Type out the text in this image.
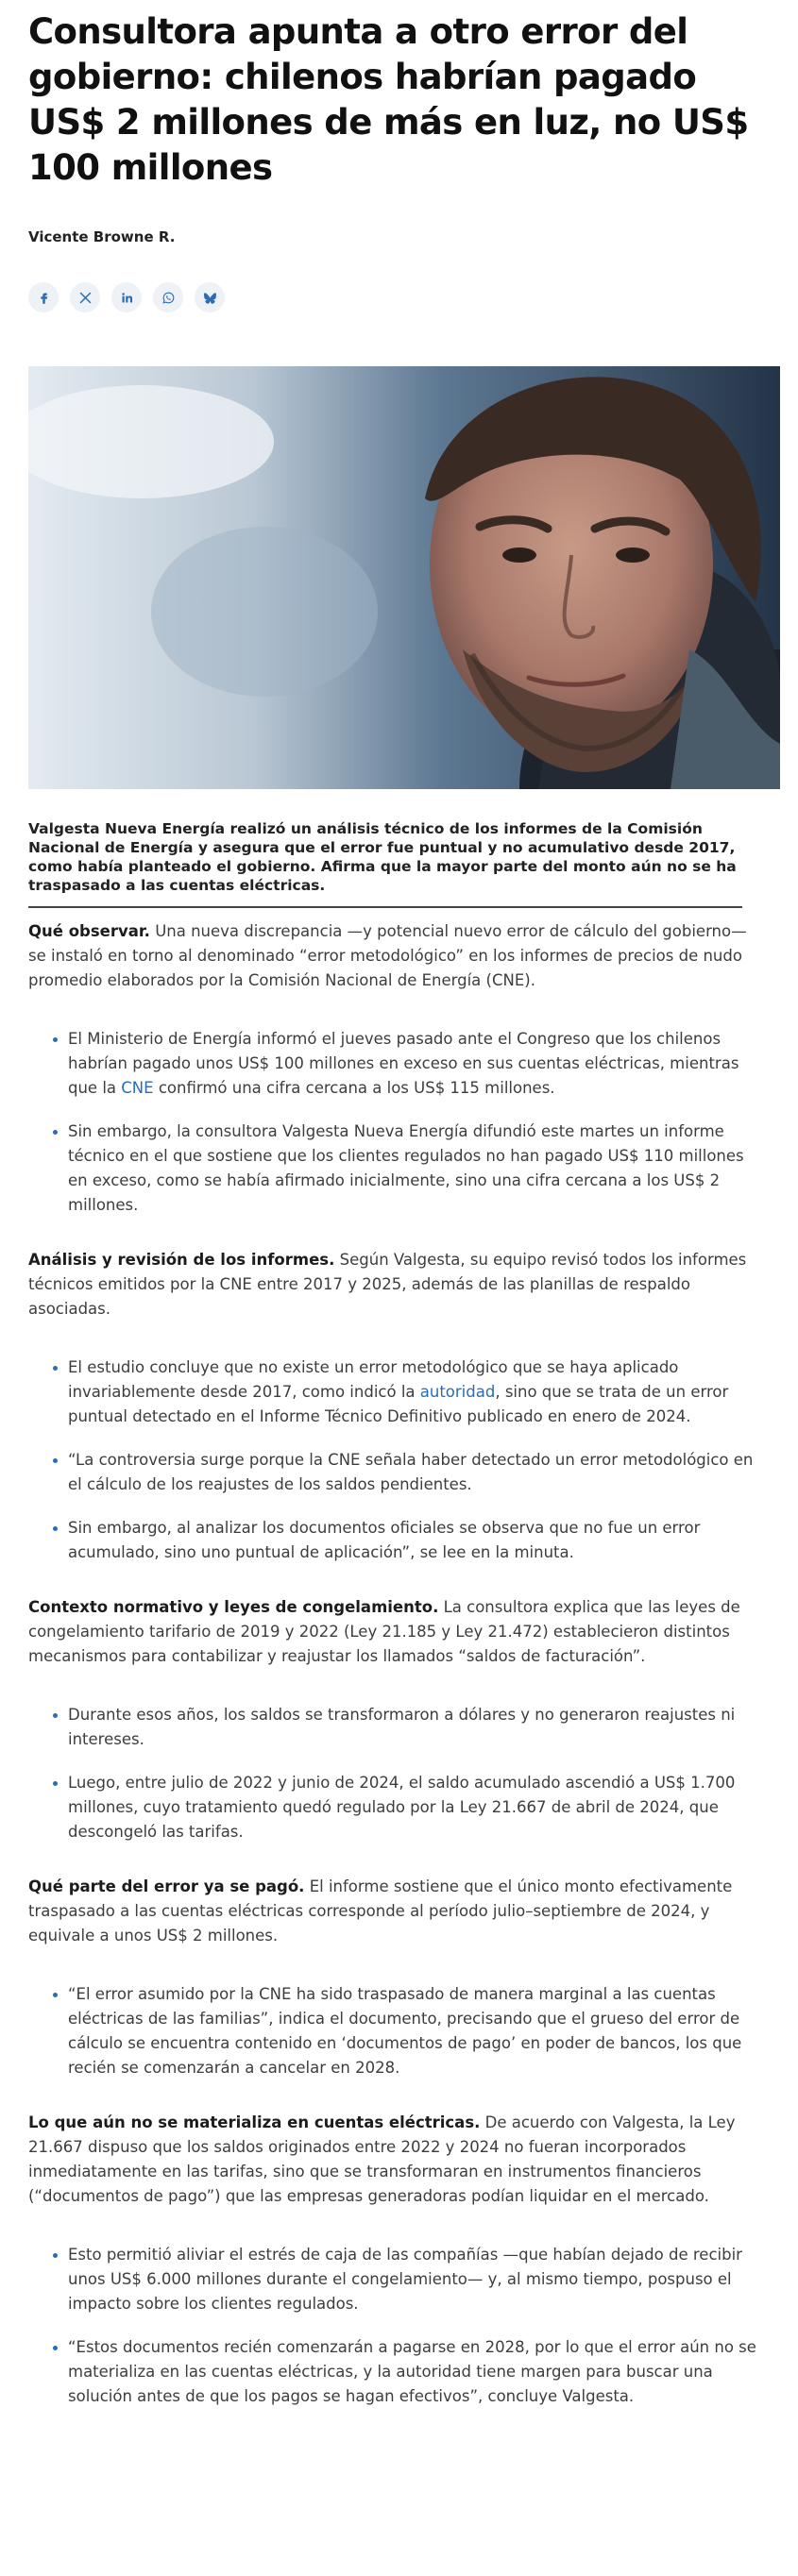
Consultora apunta a otro error del gobierno: chilenos habrían pagado US$ 2 millones de más en luz, no US$ 100 millones
Vicente Browne R.

Valgesta Nueva Energía realizó un análisis técnico de los informes de la Comisión Nacional de Energía y asegura que el error fue puntual y no acumulativo desde 2017, como había planteado el gobierno. Afirma que la mayor parte del monto aún no se ha traspasado a las cuentas eléctricas.

Qué observar. Una nueva discrepancia —y potencial nuevo error de cálculo del gobierno— se instaló en torno al denominado “error metodológico” en los informes de precios de nudo promedio elaborados por la Comisión Nacional de Energía (CNE).

El Ministerio de Energía informó el jueves pasado ante el Congreso que los chilenos habrían pagado unos US$ 100 millones en exceso en sus cuentas eléctricas, mientras que la CNE confirmó una cifra cercana a los US$ 115 millones.
Sin embargo, la consultora Valgesta Nueva Energía difundió este martes un informe técnico en el que sostiene que los clientes regulados no han pagado US$ 110 millones en exceso, como se había afirmado inicialmente, sino una cifra cercana a los US$ 2 millones.

Análisis y revisión de los informes. Según Valgesta, su equipo revisó todos los informes técnicos emitidos por la CNE entre 2017 y 2025, además de las planillas de respaldo asociadas.

El estudio concluye que no existe un error metodológico que se haya aplicado invariablemente desde 2017, como indicó la autoridad, sino que se trata de un error puntual detectado en el Informe Técnico Definitivo publicado en enero de 2024.
“La controversia surge porque la CNE señala haber detectado un error metodológico en el cálculo de los reajustes de los saldos pendientes.
Sin embargo, al analizar los documentos oficiales se observa que no fue un error acumulado, sino uno puntual de aplicación”, se lee en la minuta.

Contexto normativo y leyes de congelamiento. La consultora explica que las leyes de congelamiento tarifario de 2019 y 2022 (Ley 21.185 y Ley 21.472) establecieron distintos mecanismos para contabilizar y reajustar los llamados “saldos de facturación”.

Durante esos años, los saldos se transformaron a dólares y no generaron reajustes ni intereses.
Luego, entre julio de 2022 y junio de 2024, el saldo acumulado ascendió a US$ 1.700 millones, cuyo tratamiento quedó regulado por la Ley 21.667 de abril de 2024, que descongeló las tarifas.

Qué parte del error ya se pagó. El informe sostiene que el único monto efectivamente traspasado a las cuentas eléctricas corresponde al período julio–septiembre de 2024, y equivale a unos US$ 2 millones.

“El error asumido por la CNE ha sido traspasado de manera marginal a las cuentas eléctricas de las familias”, indica el documento, precisando que el grueso del error de cálculo se encuentra contenido en ‘documentos de pago’ en poder de bancos, los que recién se comenzarán a cancelar en 2028.

Lo que aún no se materializa en cuentas eléctricas. De acuerdo con Valgesta, la Ley 21.667 dispuso que los saldos originados entre 2022 y 2024 no fueran incorporados inmediatamente en las tarifas, sino que se transformaran en instrumentos financieros (“documentos de pago”) que las empresas generadoras podían liquidar en el mercado.

Esto permitió aliviar el estrés de caja de las compañías —que habían dejado de recibir unos US$ 6.000 millones durante el congelamiento— y, al mismo tiempo, pospuso el impacto sobre los clientes regulados.
“Estos documentos recién comenzarán a pagarse en 2028, por lo que el error aún no se materializa en las cuentas eléctricas, y la autoridad tiene margen para buscar una solución antes de que los pagos se hagan efectivos”, concluye Valgesta.
